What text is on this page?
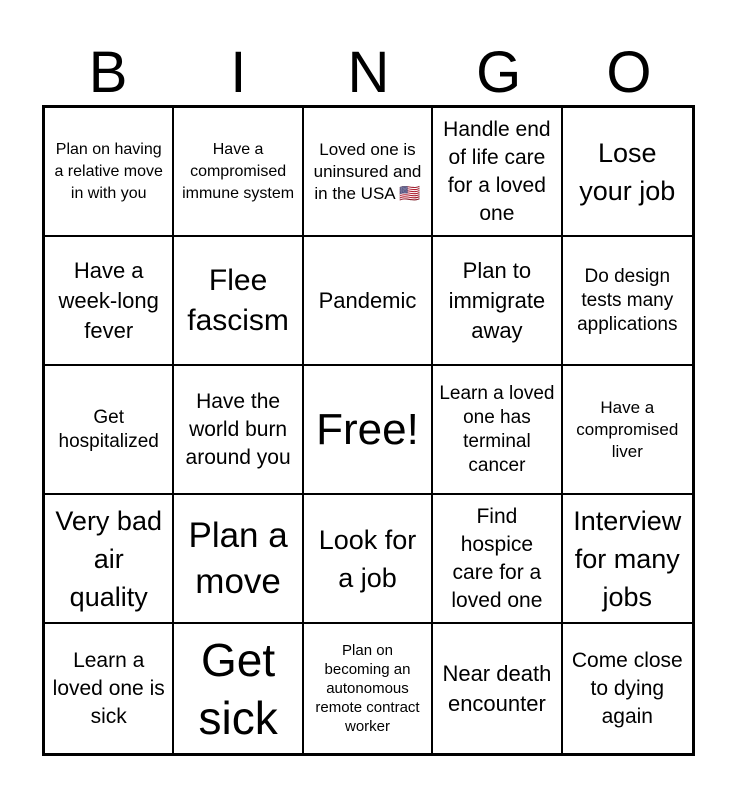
B	I	N	G	O
Plan on having a relative move in with you
Have a compromised immune system
Loved one is uninsured and in the USA 🇺🇸
Handle end of life care for a loved one
Lose your job
Have a week-long fever
Flee fascism
Pandemic
Plan to immigrate away
Do design tests many applications
Get hospitalized
Have the world burn around you
Free!
Learn a loved one has terminal cancer
Have a compromised liver
Very bad air quality
Plan a move
Look for a job
Find hospice care for a loved one
Interview for many jobs
Learn a loved one is sick
Get sick
Plan on becoming an autonomous remote contract worker
Near death encounter
Come close to dying again
